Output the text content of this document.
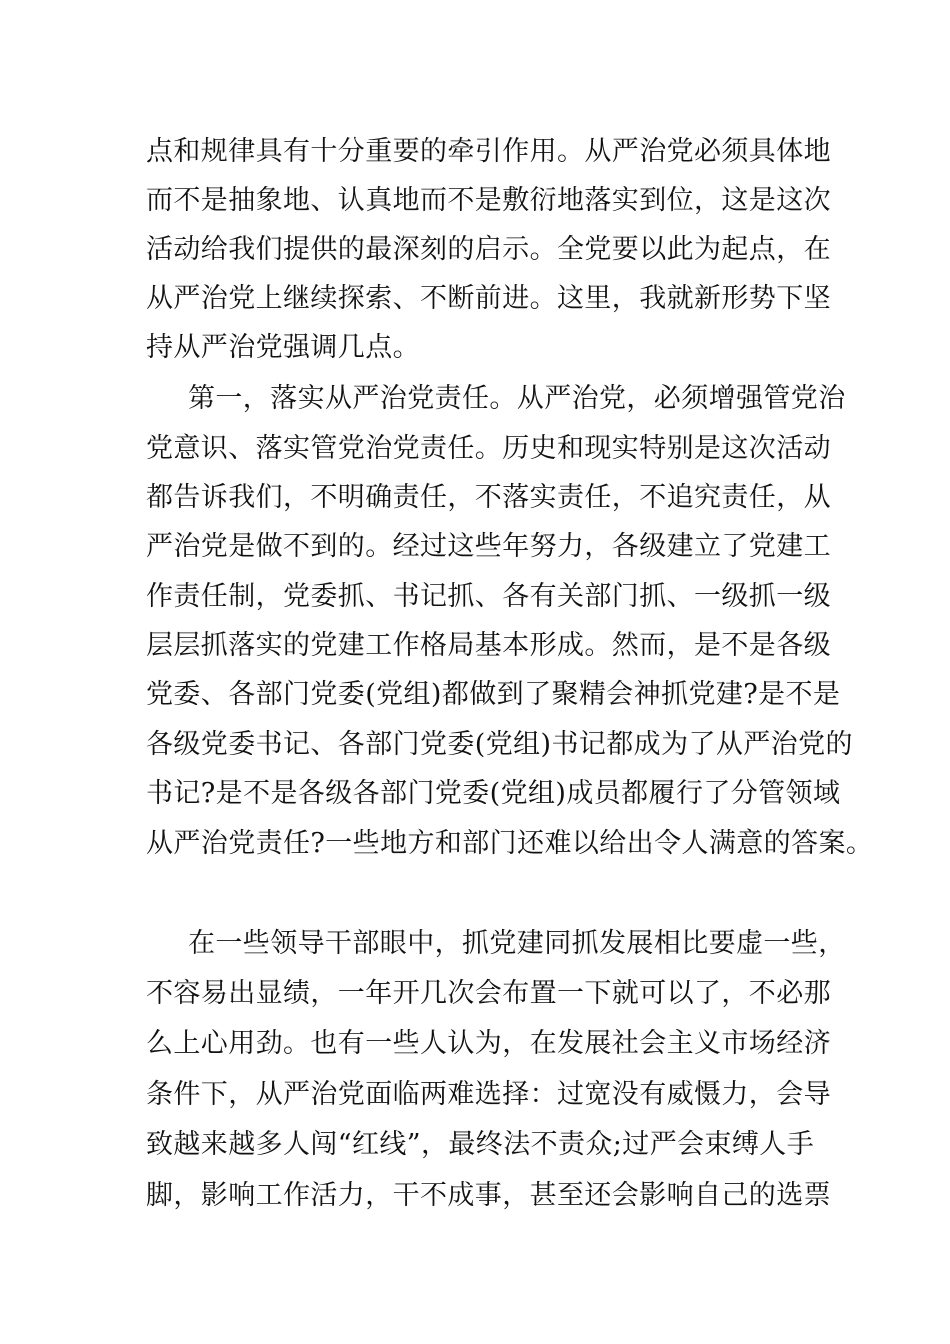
点和规律具有十分重要的牵引作用。从严治党必须具体地
而不是抽象地、认真地而不是敷衍地落实到位，这是这次
活动给我们提供的最深刻的启示。全党要以此为起点，在
从严治党上继续探索、不断前进。这里，我就新形势下坚
持从严治党强调几点。
第一，落实从严治党责任。从严治党，必须增强管党治
党意识、落实管党治党责任。历史和现实特别是这次活动
都告诉我们，不明确责任，不落实责任，不追究责任，从
严治党是做不到的。经过这些年努力，各级建立了党建工
作责任制，党委抓、书记抓、各有关部门抓、一级抓一级
层层抓落实的党建工作格局基本形成。然而，是不是各级
党委、各部门党委(党组)都做到了聚精会神抓党建?是不是
各级党委书记、各部门党委(党组)书记都成为了从严治党的
书记?是不是各级各部门党委(党组)成员都履行了分管领域
从严治党责任?一些地方和部门还难以给出令人满意的答案。
在一些领导干部眼中，抓党建同抓发展相比要虚一些，
不容易出显绩，一年开几次会布置一下就可以了，不必那
么上心用劲。也有一些人认为，在发展社会主义市场经济
条件下，从严治党面临两难选择：过宽没有威慑力，会导
致越来越多人闯“红线”，最终法不责众;过严会束缚人手
脚，影响工作活力，干不成事，甚至还会影响自己的选票
